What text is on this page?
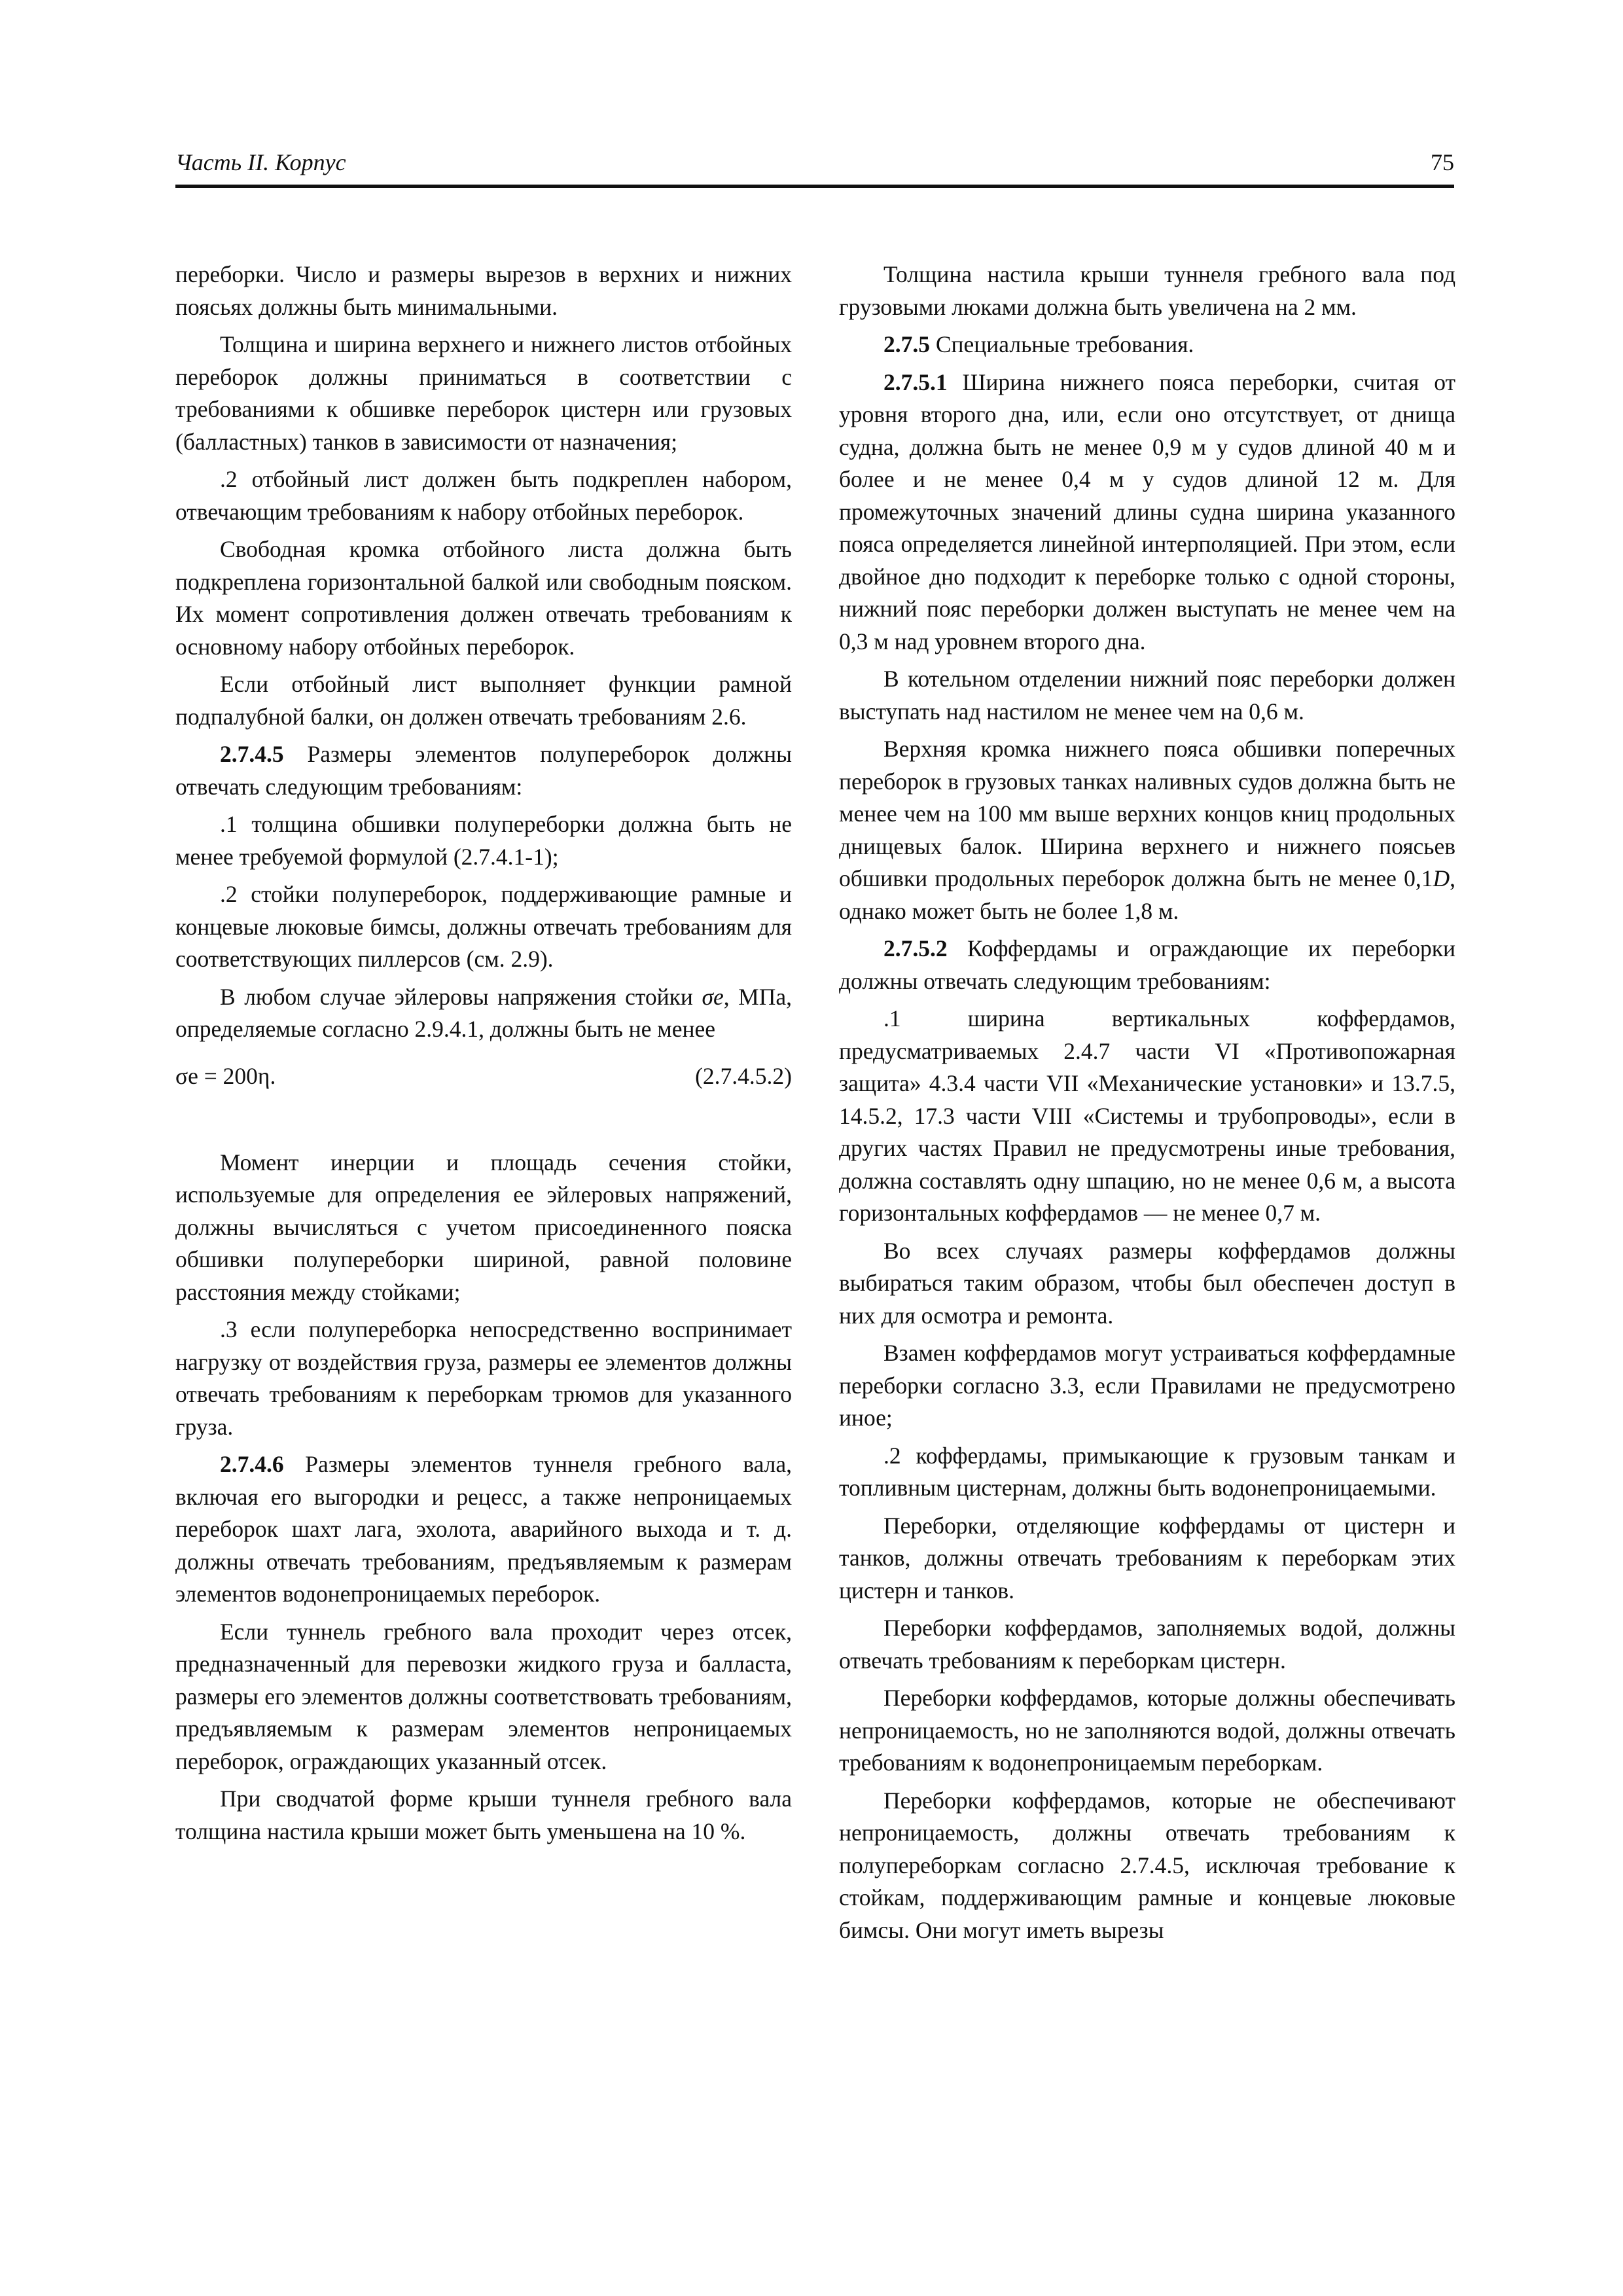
Часть II. Корпус	75

переборки. Число и размеры вырезов в верхних и нижних поясьях должны быть минимальными.

Толщина и ширина верхнего и нижнего листов отбойных переборок должны приниматься в соответствии с требованиями к обшивке переборок цистерн или грузовых (балластных) танков в зависимости от назначения;

.2 отбойный лист должен быть подкреплен набором, отвечающим требованиям к набору отбойных переборок.

Свободная кромка отбойного листа должна быть подкреплена горизонтальной балкой или свободным пояском. Их момент сопротивления должен отвечать требованиям к основному набору отбойных переборок.

Если отбойный лист выполняет функции рамной подпалубной балки, он должен отвечать требованиям 2.6.

2.7.4.5 Размеры элементов полупереборок должны отвечать следующим требованиям:

.1 толщина обшивки полупереборки должна быть не менее требуемой формулой (2.7.4.1-1);

.2 стойки полупереборок, поддерживающие рамные и концевые люковые бимсы, должны отвечать требованиям для соответствующих пиллерсов (см. 2.9).

В любом случае эйлеровы напряжения стойки σe, МПа, определяемые согласно 2.9.4.1, должны быть не менее

σe = 200η.	(2.7.4.5.2)

Момент инерции и площадь сечения стойки, используемые для определения ее эйлеровых напряжений, должны вычисляться с учетом присоединенного пояска обшивки полупереборки шириной, равной половине расстояния между стойками;

.3 если полупереборка непосредственно воспринимает нагрузку от воздействия груза, размеры ее элементов должны отвечать требованиям к переборкам трюмов для указанного груза.

2.7.4.6 Размеры элементов туннеля гребного вала, включая его выгородки и рецесс, а также непроницаемых переборок шахт лага, эхолота, аварийного выхода и т. д. должны отвечать требованиям, предъявляемым к размерам элементов водонепроницаемых переборок.

Если туннель гребного вала проходит через отсек, предназначенный для перевозки жидкого груза и балласта, размеры его элементов должны соответствовать требованиям, предъявляемым к размерам элементов непроницаемых переборок, ограждающих указанный отсек.

При сводчатой форме крыши туннеля гребного вала толщина настила крыши может быть уменьшена на 10 %.

Толщина настила крыши туннеля гребного вала под грузовыми люками должна быть увеличена на 2 мм.

2.7.5 Специальные требования.

2.7.5.1 Ширина нижнего пояса переборки, считая от уровня второго дна, или, если оно отсутствует, от днища судна, должна быть не менее 0,9 м у судов длиной 40 м и более и не менее 0,4 м у судов длиной 12 м. Для промежуточных значений длины судна ширина указанного пояса определяется линейной интерполяцией. При этом, если двойное дно подходит к переборке только с одной стороны, нижний пояс переборки должен выступать не менее чем на 0,3 м над уровнем второго дна.

В котельном отделении нижний пояс переборки должен выступать над настилом не менее чем на 0,6 м.

Верхняя кромка нижнего пояса обшивки поперечных переборок в грузовых танках наливных судов должна быть не менее чем на 100 мм выше верхних концов книц продольных днищевых балок. Ширина верхнего и нижнего поясьев обшивки продольных переборок должна быть не менее 0,1D, однако может быть не более 1,8 м.

2.7.5.2 Коффердамы и ограждающие их переборки должны отвечать следующим требованиям:

.1 ширина вертикальных коффердамов, предусматриваемых 2.4.7 части VI «Противопожарная защита» 4.3.4 части VII «Механические установки» и 13.7.5, 14.5.2, 17.3 части VIII «Системы и трубопроводы», если в других частях Правил не предусмотрены иные требования, должна составлять одну шпацию, но не менее 0,6 м, а высота горизонтальных коффердамов — не менее 0,7 м.

Во всех случаях размеры коффердамов должны выбираться таким образом, чтобы был обеспечен доступ в них для осмотра и ремонта.

Взамен коффердамов могут устраиваться коффердамные переборки согласно 3.3, если Правилами не предусмотрено иное;

.2 коффердамы, примыкающие к грузовым танкам и топливным цистернам, должны быть водонепроницаемыми.

Переборки, отделяющие коффердамы от цистерн и танков, должны отвечать требованиям к переборкам этих цистерн и танков.

Переборки коффердамов, заполняемых водой, должны отвечать требованиям к переборкам цистерн.

Переборки коффердамов, которые должны обеспечивать непроницаемость, но не заполняются водой, должны отвечать требованиям к водонепроницаемым переборкам.

Переборки коффердамов, которые не обеспечивают непроницаемость, должны отвечать требованиям к полупереборкам согласно 2.7.4.5, исключая требование к стойкам, поддерживающим рамные и концевые люковые бимсы. Они могут иметь вырезы
